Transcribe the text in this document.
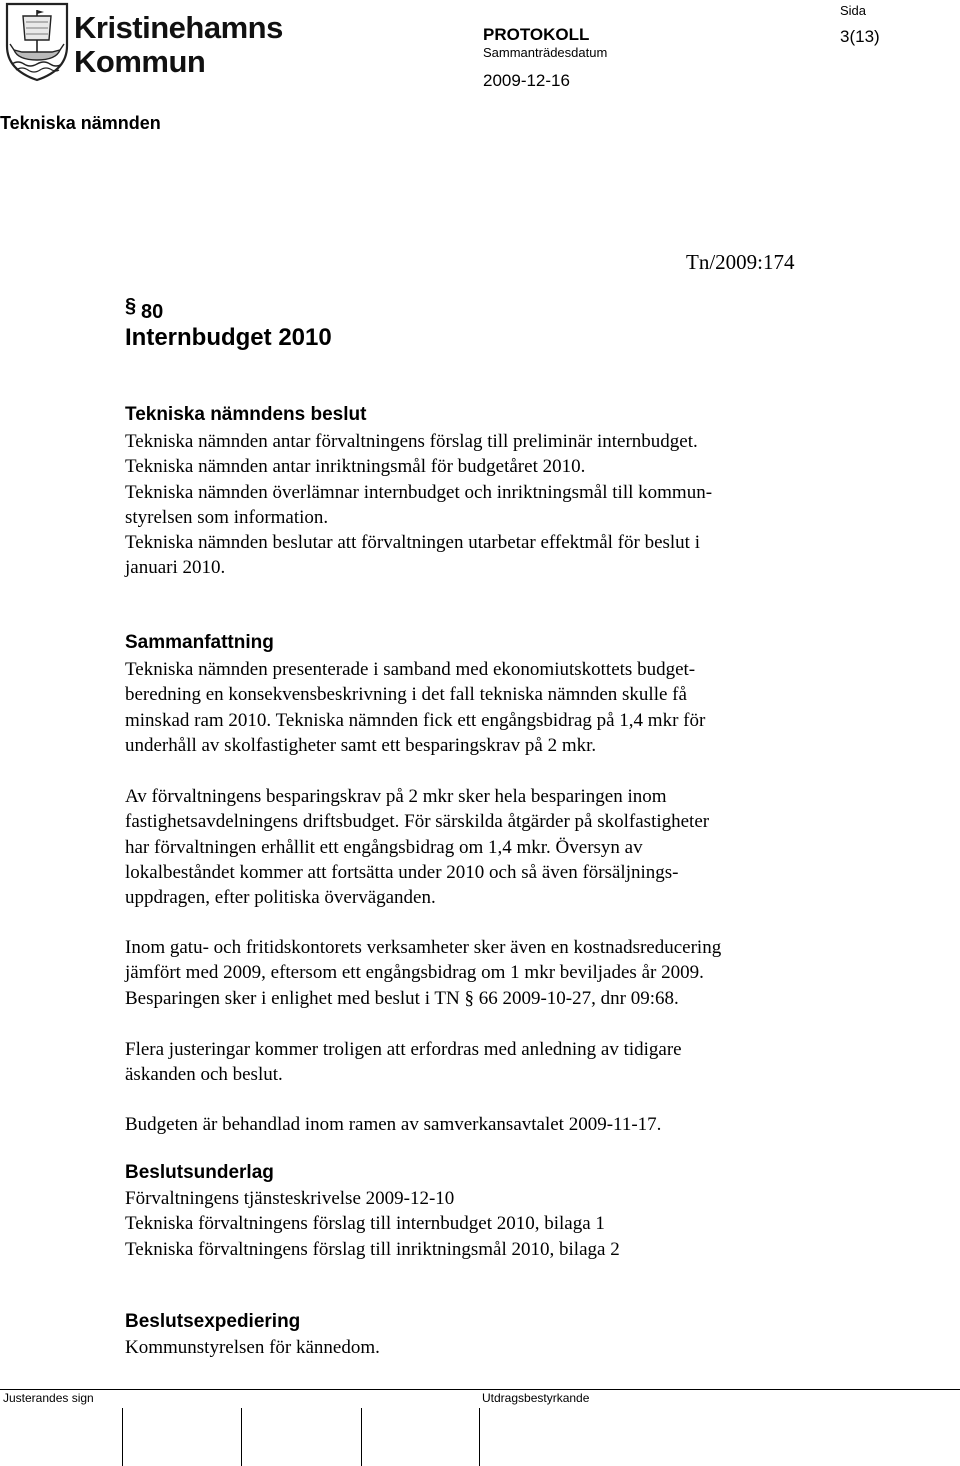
Kristinehamns
Kommun
PROTOKOLL
Sammanträdesdatum
2009-12-16
Sida
3(13)
Tekniska nämnden
Tn/2009:174
§ 80
Internbudget 2010
Tekniska nämndens beslut
Tekniska nämnden antar förvaltningens förslag till preliminär internbudget.
Tekniska nämnden antar inriktningsmål för budgetåret 2010.
Tekniska nämnden överlämnar internbudget och inriktningsmål till kommun-
styrelsen som information.
Tekniska nämnden beslutar att förvaltningen utarbetar effektmål för beslut i
januari 2010.
Sammanfattning
Tekniska nämnden presenterade i samband med ekonomiutskottets budget-
beredning en konsekvensbeskrivning i det fall tekniska nämnden skulle få
minskad ram 2010. Tekniska nämnden fick ett engångsbidrag på 1,4 mkr för
underhåll av skolfastigheter samt ett besparingskrav på 2 mkr.
Av förvaltningens besparingskrav på 2 mkr sker hela besparingen inom
fastighetsavdelningens driftsbudget. För särskilda åtgärder på skolfastigheter
har förvaltningen erhållit ett engångsbidrag om 1,4 mkr. Översyn av
lokalbeståndet kommer att fortsätta under 2010 och så även försäljnings-
uppdragen, efter politiska överväganden.
Inom gatu- och fritidskontorets verksamheter sker även en kostnadsreducering
jämfört med 2009, eftersom ett engångsbidrag om 1 mkr beviljades år 2009.
Besparingen sker i enlighet med beslut i TN § 66 2009-10-27, dnr 09:68.
Flera justeringar kommer troligen att erfordras med anledning av tidigare
äskanden och beslut.
Budgeten är behandlad inom ramen av samverkansavtalet 2009-11-17.
Beslutsunderlag
Förvaltningens tjänsteskrivelse 2009-12-10
Tekniska förvaltningens förslag till internbudget 2010, bilaga 1
Tekniska förvaltningens förslag till inriktningsmål 2010, bilaga 2
Beslutsexpediering
Kommunstyrelsen för kännedom.
Justerandes sign	Utdragsbestyrkande
